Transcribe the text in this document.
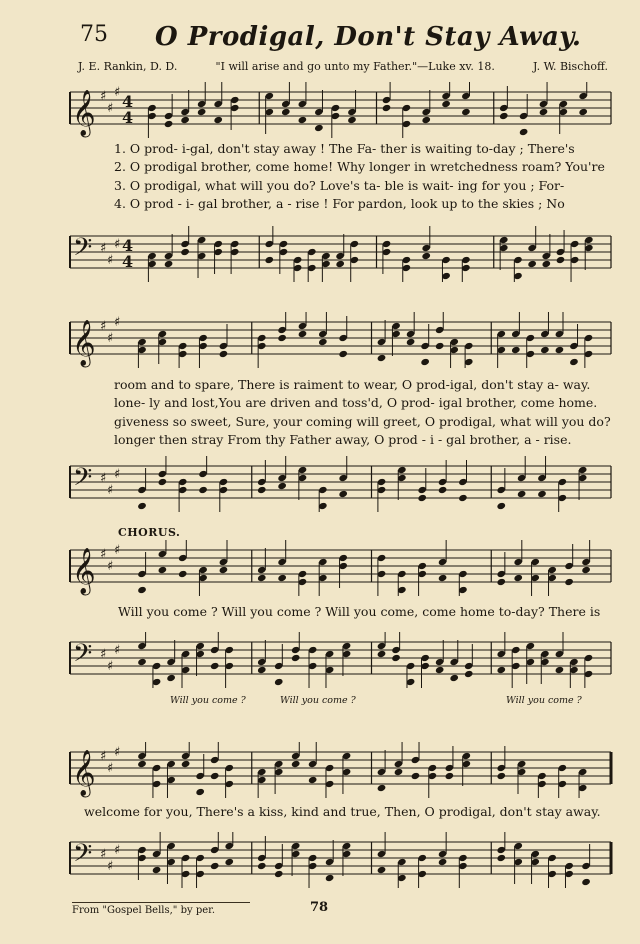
75 O Prodigal, Don't Stay Away.
J. E. Rankin, D. D.	"I will arise and go unto my Father."—Luke xv. 18.	J. W. Bischoff.
𝄞 ♯
♯
♯ 4
4
1. O prod- i-gal, don't stay away ! The Fa- ther is waiting to-day ; There's
2. O prodigal brother, come home! Why longer in wretchedness roam? You're
3. O prodigal, what will you do? Love's ta- ble is wait- ing for you ; For-
4. O prod - i- gal brother, a - rise ! For pardon, look up to the skies ; No
𝄢 ♯
♯
♯ 4
4
𝄞 ♯
♯
♯
room and to spare, There is raiment to wear, O prod-igal, don't stay a- way.
lone- ly and lost,You are driven and toss'd, O prod- igal brother, come home.
giveness so sweet, Sure, your coming will greet, O prodigal, what will you do?
longer then stray From thy Father away, O prod - i - gal brother, a - rise.
𝄢 ♯
♯
♯
CHORUS.
𝄞 ♯
♯
♯
Will you come ? Will you come ? Will you come, come home to-day? There is
𝄢 ♯
♯
♯
Will you come ?	Will you come ?	Will you come ?
𝄞 ♯
♯
♯
welcome for you, There's a kiss, kind and true, Then, O prodigal, don't stay away.
𝄢 ♯
♯
♯
From "Gospel Bells," by per.	78
